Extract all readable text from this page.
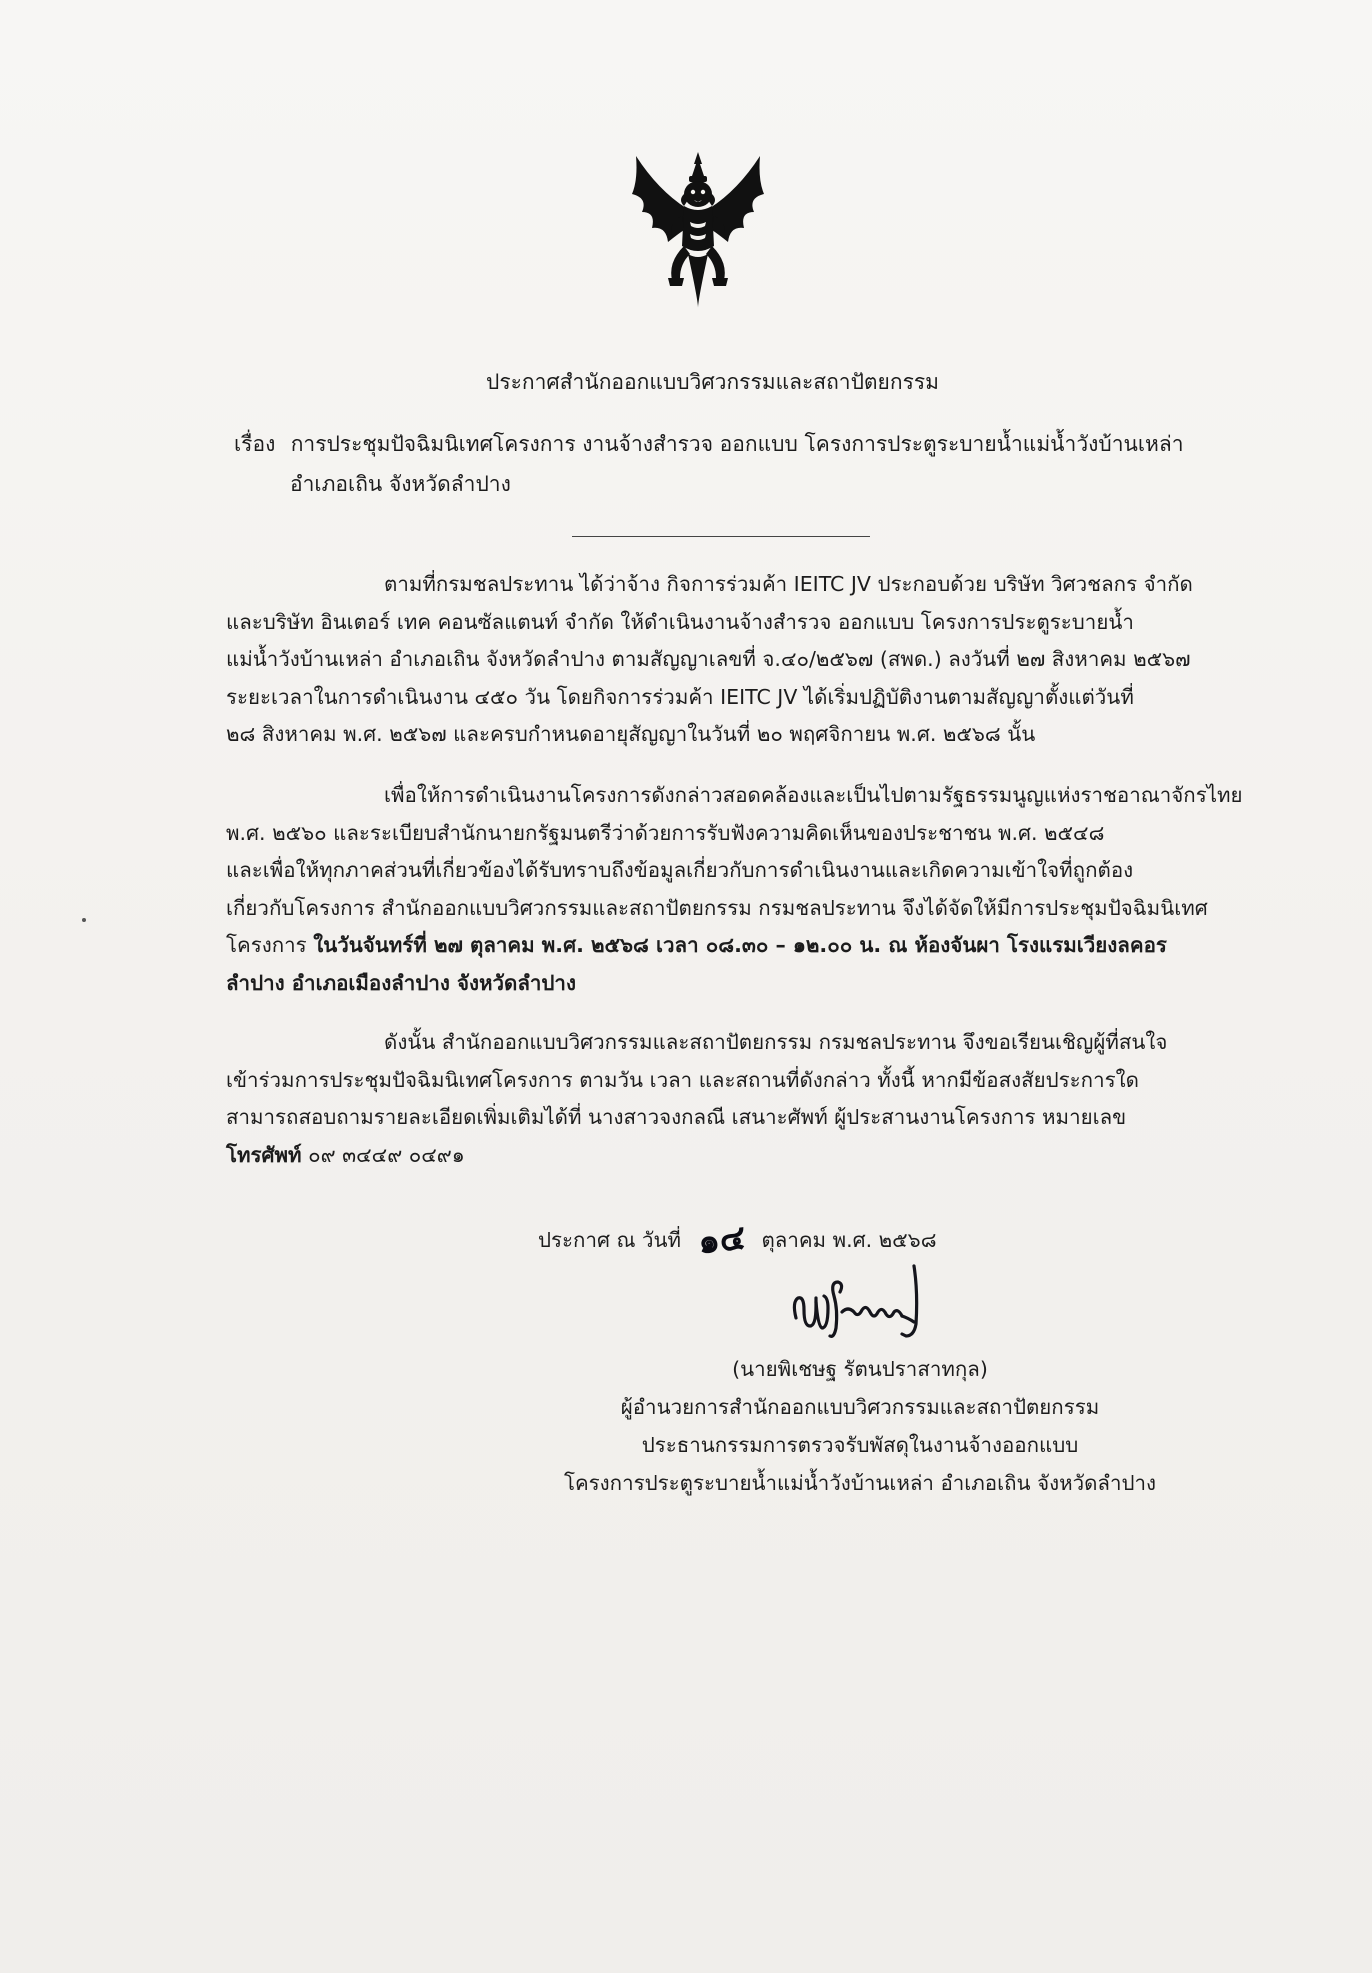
ประกาศสำนักออกแบบวิศวกรรมและสถาปัตยกรรม
เรื่อง การประชุมปัจฉิมนิเทศโครงการ งานจ้างสำรวจ ออกแบบ โครงการประตูระบายน้ำแม่น้ำวังบ้านเหล่า
อำเภอเถิน จังหวัดลำปาง
ตามที่กรมชลประทาน ได้ว่าจ้าง กิจการร่วมค้า IEITC JV ประกอบด้วย บริษัท วิศวชลกร จำกัด
และบริษัท อินเตอร์ เทค คอนซัลแตนท์ จำกัด ให้ดำเนินงานจ้างสำรวจ ออกแบบ โครงการประตูระบายน้ำ
แม่น้ำวังบ้านเหล่า อำเภอเถิน จังหวัดลำปาง ตามสัญญาเลขที่ จ.๔๐/๒๕๖๗ (สพด.) ลงวันที่ ๒๗ สิงหาคม ๒๕๖๗
ระยะเวลาในการดำเนินงาน ๔๕๐ วัน โดยกิจการร่วมค้า IEITC JV ได้เริ่มปฏิบัติงานตามสัญญาตั้งแต่วันที่
๒๘ สิงหาคม พ.ศ. ๒๕๖๗ และครบกำหนดอายุสัญญาในวันที่ ๒๐ พฤศจิกายน พ.ศ. ๒๕๖๘ นั้น
เพื่อให้การดำเนินงานโครงการดังกล่าวสอดคล้องและเป็นไปตามรัฐธรรมนูญแห่งราชอาณาจักรไทย
พ.ศ. ๒๕๖๐ และระเบียบสำนักนายกรัฐมนตรีว่าด้วยการรับฟังความคิดเห็นของประชาชน พ.ศ. ๒๕๔๘
และเพื่อให้ทุกภาคส่วนที่เกี่ยวข้องได้รับทราบถึงข้อมูลเกี่ยวกับการดำเนินงานและเกิดความเข้าใจที่ถูกต้อง
เกี่ยวกับโครงการ สำนักออกแบบวิศวกรรมและสถาปัตยกรรม กรมชลประทาน จึงได้จัดให้มีการประชุมปัจฉิมนิเทศ
โครงการ ในวันจันทร์ที่ ๒๗ ตุลาคม พ.ศ. ๒๕๖๘ เวลา ๐๘.๓๐ – ๑๒.๐๐ น. ณ ห้องจันผา โรงแรมเวียงลคอร
ลำปาง อำเภอเมืองลำปาง จังหวัดลำปาง
ดังนั้น สำนักออกแบบวิศวกรรมและสถาปัตยกรรม กรมชลประทาน จึงขอเรียนเชิญผู้ที่สนใจ
เข้าร่วมการประชุมปัจฉิมนิเทศโครงการ ตามวัน เวลา และสถานที่ดังกล่าว ทั้งนี้ หากมีข้อสงสัยประการใด
สามารถสอบถามรายละเอียดเพิ่มเติมได้ที่ นางสาวจงกลณี เสนาะศัพท์ ผู้ประสานงานโครงการ หมายเลข
โทรศัพท์ ๐๙ ๓๔๔๙ ๐๔๙๑
ประกาศ ณ วันที่ ๑๔ ตุลาคม พ.ศ. ๒๕๖๘
(นายพิเชษฐ รัตนปราสาทกุล)
ผู้อำนวยการสำนักออกแบบวิศวกรรมและสถาปัตยกรรม
ประธานกรรมการตรวจรับพัสดุในงานจ้างออกแบบ
โครงการประตูระบายน้ำแม่น้ำวังบ้านเหล่า อำเภอเถิน จังหวัดลำปาง
